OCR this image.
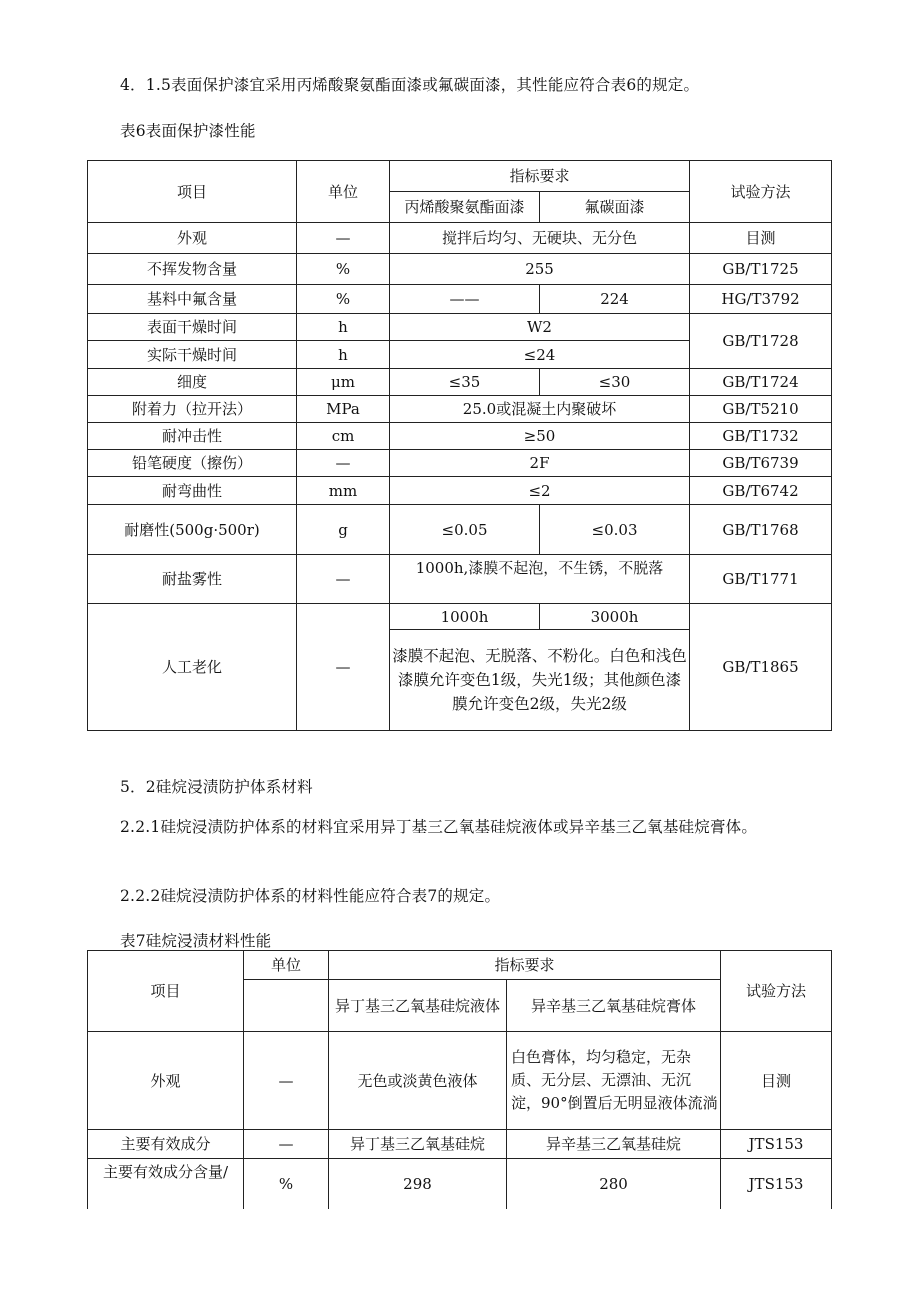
4．1.5表面保护漆宜采用丙烯酸聚氨酯面漆或氟碳面漆，其性能应符合表6的规定。
表6表面保护漆性能
项目	单位	指标要求		试验方法
		丙烯酸聚氨酯面漆	氟碳面漆	
外观	—	搅拌后均匀、无硬块、无分色		目测
不挥发物含量	%	255		GB/T1725
基料中氟含量	%	——	224	HG/T3792
表面干燥时间	h	W2		GB/T1728
实际干燥时间	h	≤24		
细度	μm	≤35	≤30	GB/T1724
附着力（拉开法）	MPa	25.0或混凝土内聚破坏		GB/T5210
耐冲击性	cm	≥50		GB/T1732
铅笔硬度（擦伤）	—	2F		GB/T6739
耐弯曲性	mm	≤2		GB/T6742
耐磨性(500g·500r)	g	≤0.05	≤0.03	GB/T1768
耐盐雾性	—	1000h,漆膜不起泡，不生锈，不脱落		GB/T1771
人工老化	—	1000h	3000h	GB/T1865
		漆膜不起泡、无脱落、不粉化。白色和浅色漆膜允许变色1级，失光1级；其他颜色漆膜允许变色2级，失光2级		
5．2硅烷浸渍防护体系材料
2.2.1硅烷浸渍防护体系的材料宜采用异丁基三乙氧基硅烷液体或异辛基三乙氧基硅烷膏体。
2.2.2硅烷浸渍防护体系的材料性能应符合表7的规定。
表7硅烷浸渍材料性能
项目	单位	指标要求		试验方法
		异丁基三乙氧基硅烷液体	异辛基三乙氧基硅烷膏体	
外观	—	无色或淡黄色液体	白色膏体，均匀稳定，无杂质、无分层、无漂油、无沉淀，90°倒置后无明显液体流淌	目测
主要有效成分	—	异丁基三乙氧基硅烷	异辛基三乙氧基硅烷	JTS153
主要有效成分含量/	%	298	280	JTS153
